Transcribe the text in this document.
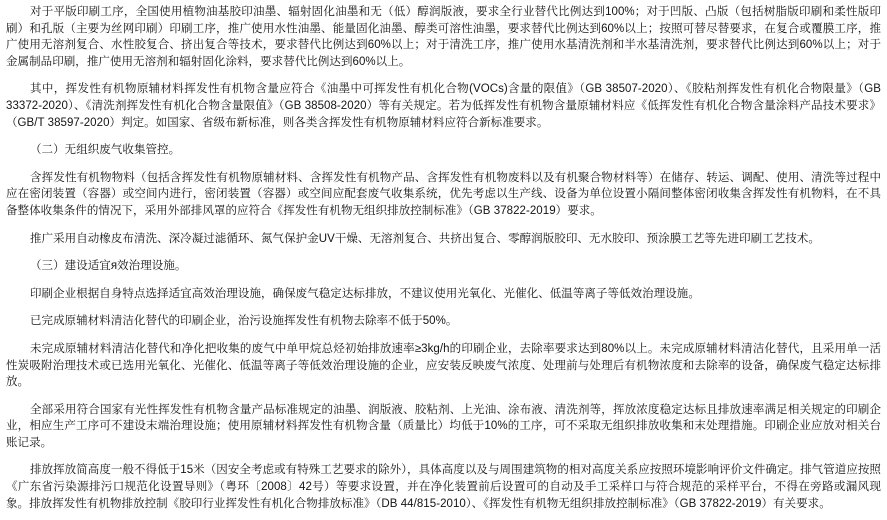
对于平版印刷工序，全国使用植物油基胶印油墨、辐射固化油墨和无（低）醇润版液，要求全行业替代比例达到100%；对于凹版、凸版（包括树脂版印刷和柔性版印刷）和孔版（主要为丝网印刷）印刷工序，推广使用水性油墨、能量固化油墨、醇类可溶性油墨，要求替代比例达到60%以上；按照可替尽替要求，在复合或覆膜工序，推广使用无溶剂复合、水性胶复合、挤出复合等技术，要求替代比例达到60%以上；对于清洗工序，推广使用水基清洗剂和半水基清洗剂，要求替代比例达到60%以上；对于金属制品印刷，推广使用无溶剂和辐射固化涂料，要求替代比例达到60%以上。

其中，挥发性有机物原辅材料挥发性有机物含量应符合《油墨中可挥发性有机化合物(VOCs)含量的限值》（GB 38507-2020）、《胶粘剂挥发性有机化合物限量》（GB 33372-2020）、《清洗剂挥发性有机化合物含量限值》（GB 38508-2020）等有关规定。若为低挥发性有机物含量原辅材料应《低挥发性有机化合物含量涂料产品技术要求》（GB/T 38597-2020）判定。如国家、省级布新标准，则各类含挥发性有机物原辅材料应符合新标准要求。

（二）无组织废气收集管控。

含挥发性有机物物料（包括含挥发性有机物原辅材料、含挥发性有机物产品、含挥发性有机物废料以及有机聚合物材料等）在储存、转运、调配、使用、清洗等过程中应在密闭装置（容器）或空间内进行，密闭装置（容器）或空间应配套废气收集系统，优先考虑以生产线、设备为单位设置小隔间整体密闭收集含挥发性有机物料，在不具备整体收集条件的情况下，采用外部排风罩的应符合《挥发性有机物无组织排放控制标准》（GB 37822-2019）要求。

推广采用自动橡皮布清洗、深冷凝过滤循环、氮气保护金UV干燥、无溶剂复合、共挤出复合、零醇润版胶印、无水胶印、预涂膜工艺等先进印刷工艺技术。

（三）建设适宜я效治理设施。

印刷企业根据自身特点选择适宜高效治理设施，确保废气稳定达标排放，不建议使用光氧化、光催化、低温等离子等低效治理设施。

已完成原辅材料清洁化替代的印刷企业，治污设施挥发性有机物去除率不低于50%。

未完成原辅材料清洁化替代和净化把收集的废气中单甲烷总烃初始排放速率≥3kg/h的印刷企业，去除率要求达到80%以上。未完成原辅材料清洁化替代，且采用单一活性炭吸附治理技术或已选用光氧化、光催化、低温等离子等低效治理设施的企业，应安装反映废气浓度、处理前与处理后有机物浓度和去除率的设备，确保废气稳定达标排放。

全部采用符合国家有光性挥发性有机物含量产品标准规定的油墨、润版液、胶粘剂、上光油、涂布液、清洗剂等，挥放浓度稳定达标且排放速率满足相关规定的印刷企业，相应生产工序可不建设末端治理设施；使用原辅材料挥发性有机物含量（质量比）均低于10%的工序，可不采取无组织排放收集和末处理措施。印刷企业应放对相关台账记录。

排放挥放简高度一般不得低于15米（因安全考虑或有特殊工艺要求的除外），具体高度以及与周围建筑物的相对高度关系应按照环境影响评价文件确定。排气管道应按照《广东省污染源排污口规范化设置导则》（粤环〔2008〕42号）等要求设置，并在净化装置前后设置可的自动及手工采样口与符合规范的采样平台，不得在旁路或漏风现象。排放挥发性有机物排放控制《胶印行业挥发性有机化合物排放标准》（DB 44/815-2010）、《挥发性有机物无组织排放控制标准》（GB 37822-2019）有关要求。
